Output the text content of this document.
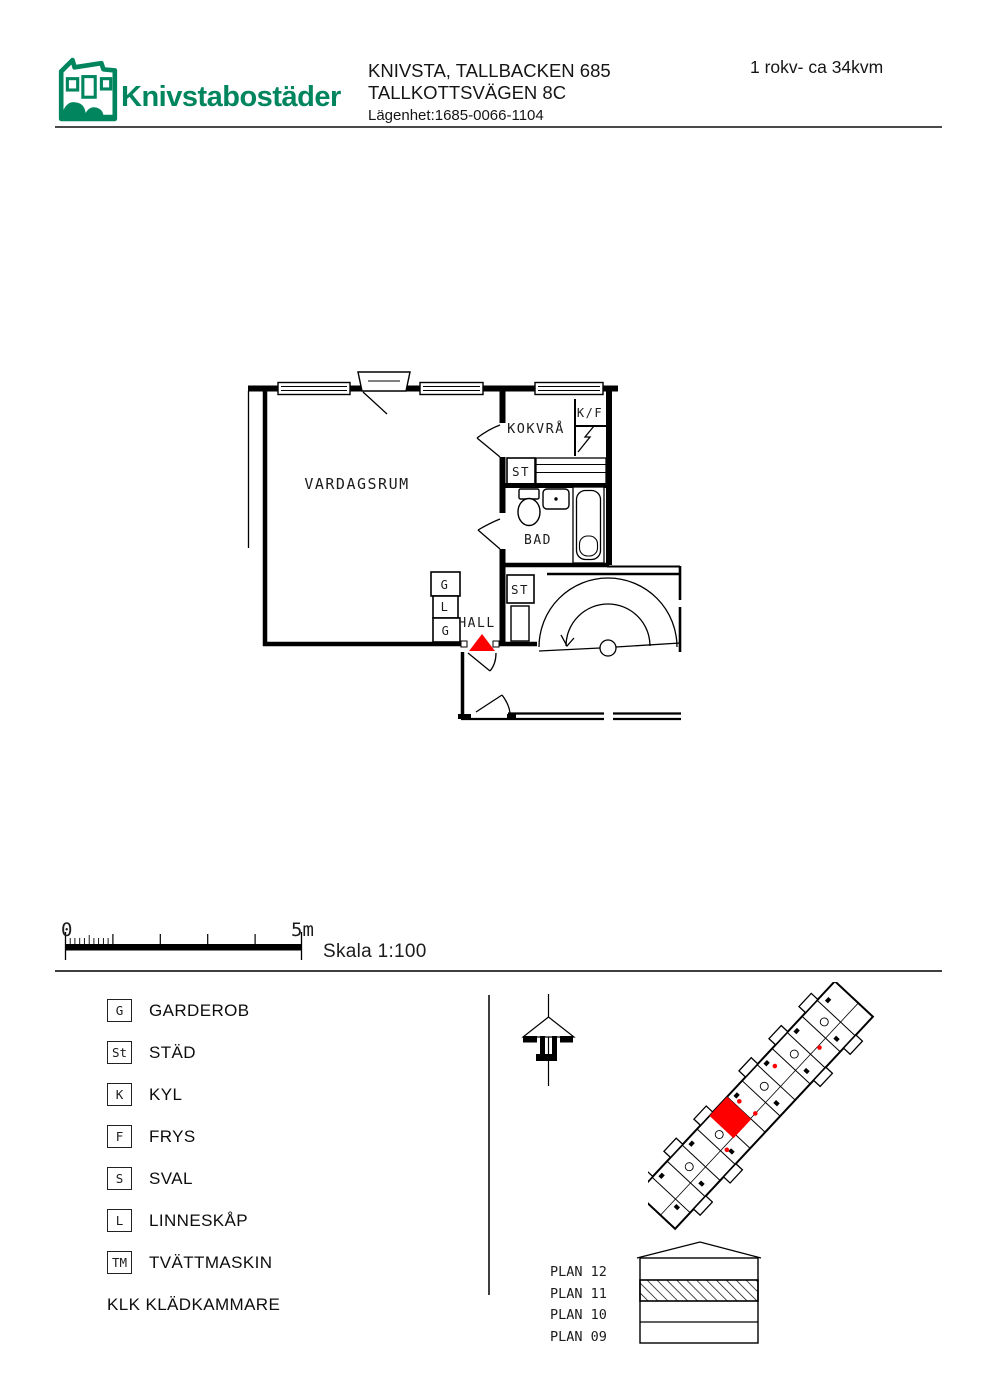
Knivstabostäder
KNIVSTA, TALLBACKEN 685
TALLKOTTSVÄGEN 8C
Lägenhet:1685-0066-1104
1 rokv- ca 34kvm
VARDAGSRUM
KOKVRÅ
K/F
ST
BAD
ST
HALL
G
L
G
0	5m
Skala 1:100
G	GARDEROB
St STÄD
K	KYL
F	FRYS
S	SVAL
L	LINNESKÅP
TM TVÄTTMASKIN
KLK KLÄDKAMMARE
PLAN 12
PLAN 11
PLAN 10
PLAN 09
